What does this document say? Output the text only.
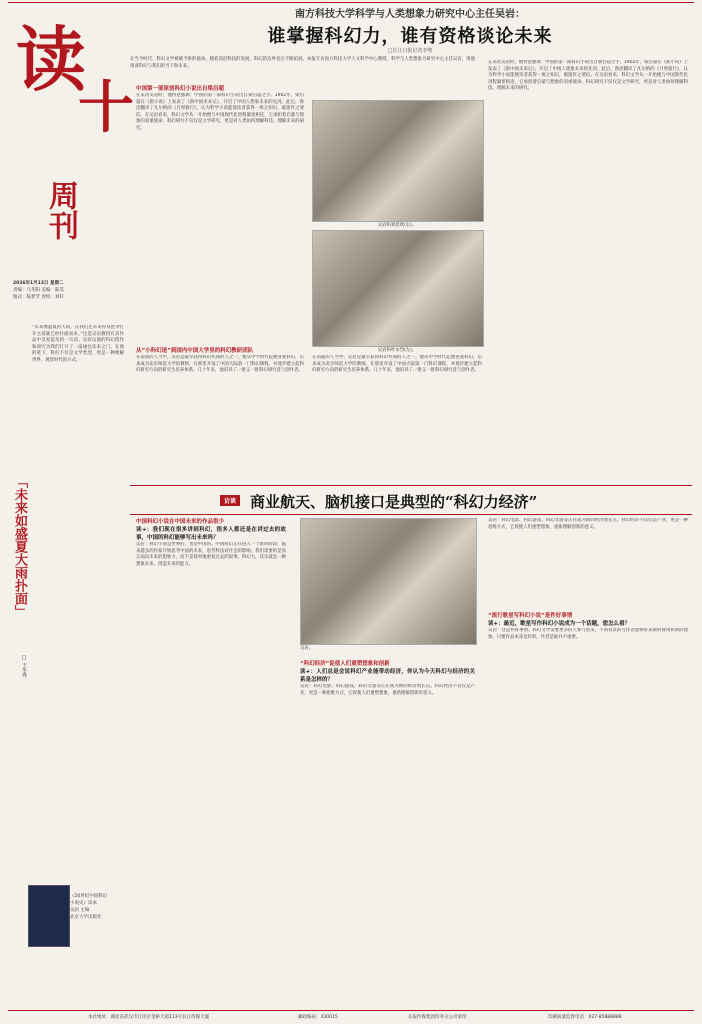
南方科技大学科学与人类想象力研究中心主任吴岩：
谁掌握科幻力，谁有资格谈论未来
□长江日报记者李煦
读
十
周刊
2026年1月13日 星期二
责编：马华阳 美编：陈昊
版式：陈梦芳 责校：刘轩
在当今时代，科幻文学被赋予新的使命。随着前沿科技的发展，科幻的边界也在不断拓展。本报专访南方科技大学人文科学中心教授、科学与人类想象力研究中心主任吴岩，请他谈谈科幻与我们的当下和未来。
中国第一部原创科幻小说出自梁启超
在采访吴岩时，他特意强调：中国的第一部科幻小说出自梁启超之手。1902年，梁启超在《新小说》上发表了《新中国未来记》，开启了中国人想象未来的先河。此后，鲁迅翻译了凡尔纳的《月界旅行》，认为科学小说能使读者获得一斑之知识，破遗传之迷信。在吴岩看来，科幻文学从一开始便与中国现代化进程紧密相连，它承担着启蒙与想象的双重使命。科幻研究不仅仅是文学研究，更是对人类如何理解科技、理解未来的研究。
从“小科幻迷”到国内中国大学里的科幻教研团队
在前面的人当中，吴岩是最早获得科幻奖项的人之一。他从中学时代起便喜爱科幻，后来成为北京师范大学的教师，在那里开设了中国大陆第一门科幻课程，并逐步建立起科幻研究方向的研究生培养体系。几十年来，他培养了一批又一批科幻研究者与创作者。
吴岩和刘慈欣(右)。
吴岩和叶永烈(左)。
在采访吴岩时，他特意强调：中国的第一部科幻小说出自梁启超之手。1902年，梁启超在《新小说》上发表了《新中国未来记》，开启了中国人想象未来的先河。此后，鲁迅翻译了凡尔纳的《月界旅行》，认为科学小说能使读者获得一斑之知识，破遗传之迷信。在吴岩看来，科幻文学从一开始便与中国现代化进程紧密相连，它承担着启蒙与想象的双重使命。科幻研究不仅仅是文学研究，更是对人类如何理解科技、理解未来的研究。
在前面的人当中，吴岩是最早获得科幻奖项的人之一。他从中学时代起便喜爱科幻，后来成为北京师范大学的教师，在那里开设了中国大陆第一门科幻课程，并逐步建立起科幻研究方向的研究生培养体系。几十年来，他培养了一批又一批科幻研究者与创作者。
访谈 商业航天、脑机接口是典型的“科幻力经济”
「未来如盛夏大雨扑面」
“未来像盛夏的大雨，在我们还未来得及把伞打开之前就已经扑面而来。”这是吴岩教授在其作品中反复提及的一句话。吴岩以他的科幻创作和研究为我们打开了一扇通往未来之门。在他的笔下，科幻不仅是文学类型，更是一种理解世界、观察时代的方式。
□ 王冬秀
《20世纪中国科幻
小说史》读本
吴岩 主编
北京大学出版社
中国科幻小说在中国未来的作品很少
读+：我们现在很多讲到科幻，很多人都还是在讲过去的故事，中国的科幻能够写出未来吗？
吴岩：科幻小说是世界的，也是中国的。中国科幻正在进入一个新的阶段，越来越多的作家开始思考中国的未来，思考科技对社会的影响。我们需要的是真正面向未来的想象力，而不是简单地重复过去的叙事。科幻力，其实就是一种想象未来、创造未来的能力。
吴岩。
“科幻经济”促使人们重塑想象和创新
读+：人们总是会说科幻产业能带动经济，你认为今天科幻与经济的关系是怎样的？
吴岩：科幻电影、科幻游戏、科幻文旅等正在成为新的经济增长点。科幻经济不仅仅是产业，更是一种思维方式，它促使人们重塑想象，重新理解创新的意义。
吴岩：科幻电影、科幻游戏、科幻文旅等正在成为新的经济增长点。科幻经济不仅仅是产业，更是一种思维方式，它促使人们重塑想象，重新理解创新的意义。
“流行歌星写科幻小说”是件好事情
读+：最近，歌星写作科幻小说成为一个话题，您怎么看？
吴岩：这是件好事情。科幻文学需要更多的人参与进来，不同背景的写作者能够带来新的视角和新的想象。只要作品本身是好的，作者是谁并不重要。
本社地址：湖北省武汉市江岸区金桥大道113号长江传媒大厦	邮政编码：430015	长报传媒集团印务分公司承印	印刷质量监督电话：027-85888888
